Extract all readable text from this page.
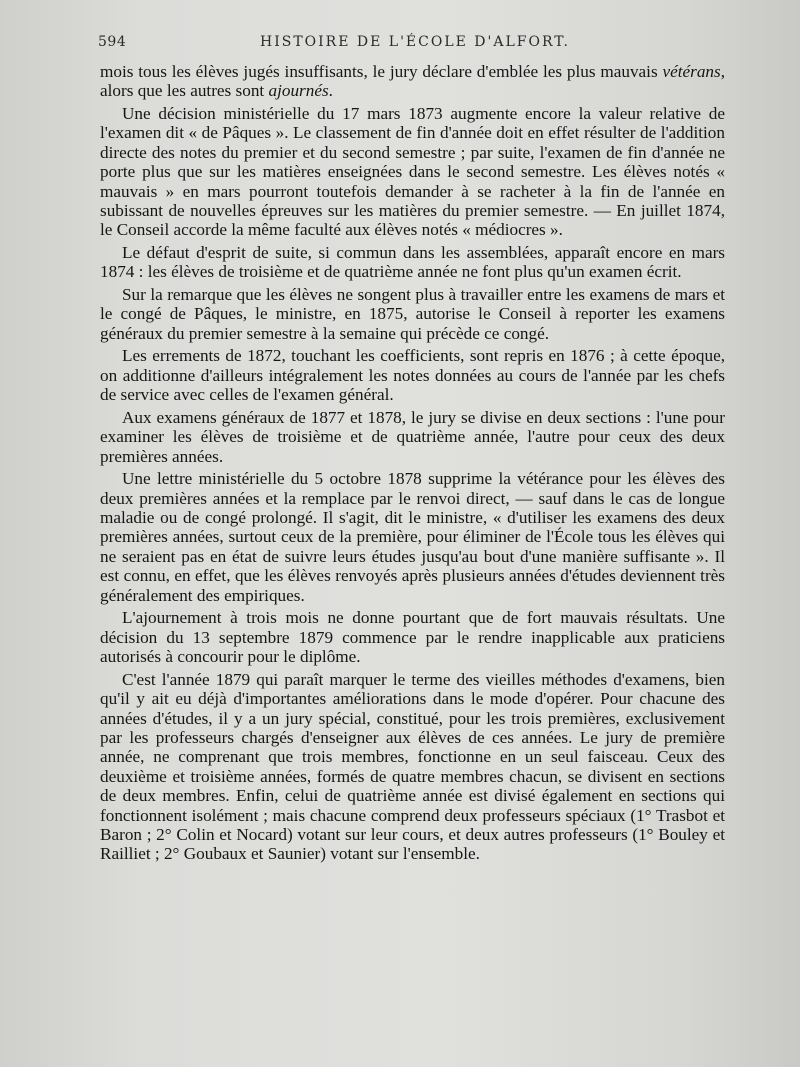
594	HISTOIRE DE L'ÉCOLE D'ALFORT.

mois tous les élèves jugés insuffisants, le jury déclare d'emblée les plus mauvais vétérans, alors que les autres sont ajournés.

Une décision ministérielle du 17 mars 1873 augmente encore la valeur relative de l'examen dit « de Pâques ». Le classement de fin d'année doit en effet résulter de l'addition directe des notes du premier et du second semestre ; par suite, l'examen de fin d'année ne porte plus que sur les matières enseignées dans le second semestre. Les élèves notés « mauvais » en mars pourront toutefois demander à se racheter à la fin de l'année en subissant de nouvelles épreuves sur les matières du premier semestre. — En juillet 1874, le Conseil accorde la même faculté aux élèves notés « médiocres ».

Le défaut d'esprit de suite, si commun dans les assemblées, apparaît encore en mars 1874 : les élèves de troisième et de quatrième année ne font plus qu'un examen écrit.

Sur la remarque que les élèves ne songent plus à travailler entre les examens de mars et le congé de Pâques, le ministre, en 1875, autorise le Conseil à reporter les examens généraux du premier semestre à la semaine qui précède ce congé.

Les errements de 1872, touchant les coefficients, sont repris en 1876 ; à cette époque, on additionne d'ailleurs intégralement les notes données au cours de l'année par les chefs de service avec celles de l'examen général.

Aux examens généraux de 1877 et 1878, le jury se divise en deux sections : l'une pour examiner les élèves de troisième et de quatrième année, l'autre pour ceux des deux premières années.

Une lettre ministérielle du 5 octobre 1878 supprime la vétérance pour les élèves des deux premières années et la remplace par le renvoi direct, — sauf dans le cas de longue maladie ou de congé prolongé. Il s'agit, dit le ministre, « d'utiliser les examens des deux premières années, surtout ceux de la première, pour éliminer de l'École tous les élèves qui ne seraient pas en état de suivre leurs études jusqu'au bout d'une manière suffisante ». Il est connu, en effet, que les élèves renvoyés après plusieurs années d'études deviennent très généralement des empiriques.

L'ajournement à trois mois ne donne pourtant que de fort mauvais résultats. Une décision du 13 septembre 1879 commence par le rendre inapplicable aux praticiens autorisés à concourir pour le diplôme.

C'est l'année 1879 qui paraît marquer le terme des vieilles méthodes d'examens, bien qu'il y ait eu déjà d'importantes améliorations dans le mode d'opérer. Pour chacune des années d'études, il y a un jury spécial, constitué, pour les trois premières, exclusivement par les professeurs chargés d'enseigner aux élèves de ces années. Le jury de première année, ne comprenant que trois membres, fonctionne en un seul faisceau. Ceux des deuxième et troisième années, formés de quatre membres chacun, se divisent en sections de deux membres. Enfin, celui de quatrième année est divisé également en sections qui fonctionnent isolément ; mais chacune comprend deux professeurs spéciaux (1° Trasbot et Baron ; 2° Colin et Nocard) votant sur leur cours, et deux autres professeurs (1° Bouley et Railliet ; 2° Goubaux et Saunier) votant sur l'ensemble.
